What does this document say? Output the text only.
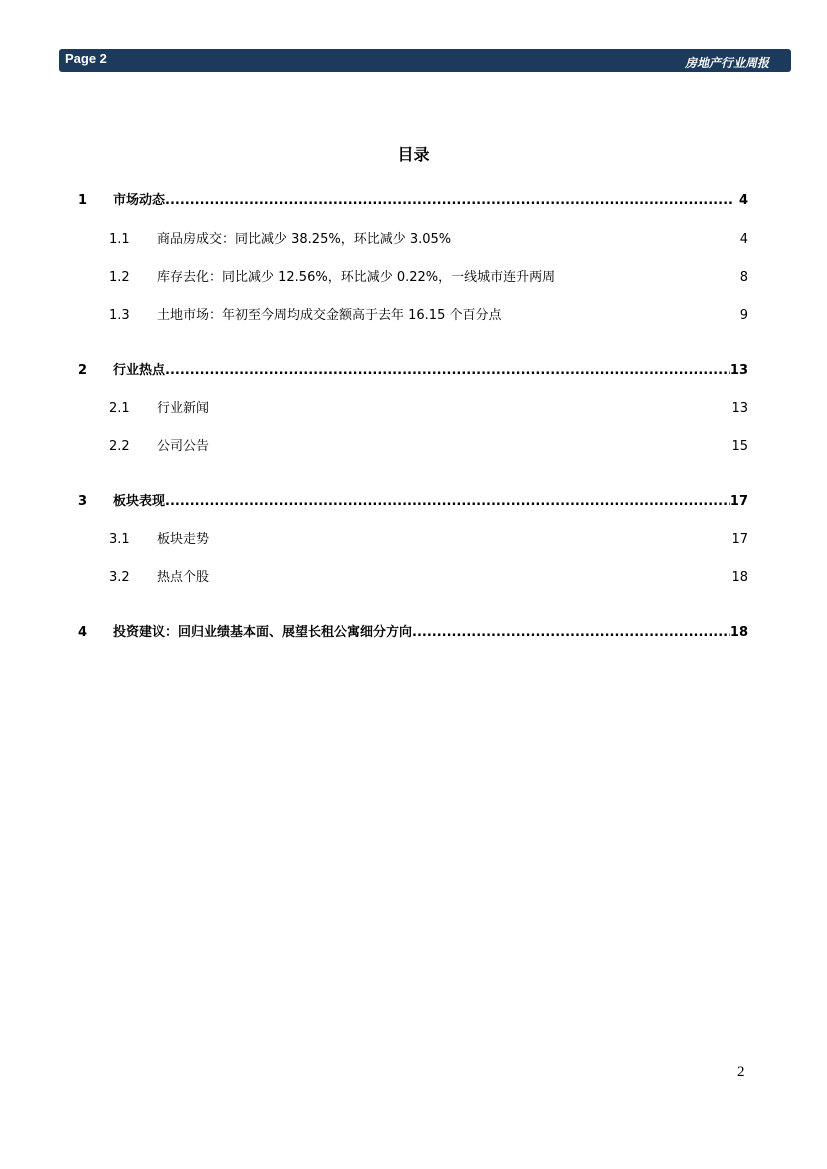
Page 2	房地产行业周报
目录
1	市场动态 .....	4
1.1	商品房成交：同比减少 38.25%，环比减少 3.05%	4
1.2	库存去化：同比减少 12.56%，环比减少 0.22%，一线城市连升两周	8
1.3	土地市场：年初至今周均成交金额高于去年 16.15 个百分点	9
2	行业热点 .....	13
2.1	行业新闻	13
2.2	公司公告	15
3	板块表现 .....	17
3.1	板块走势	17
3.2	热点个股	18
4	投资建议：回归业绩基本面、展望长租公寓细分方向 .....	18
2
